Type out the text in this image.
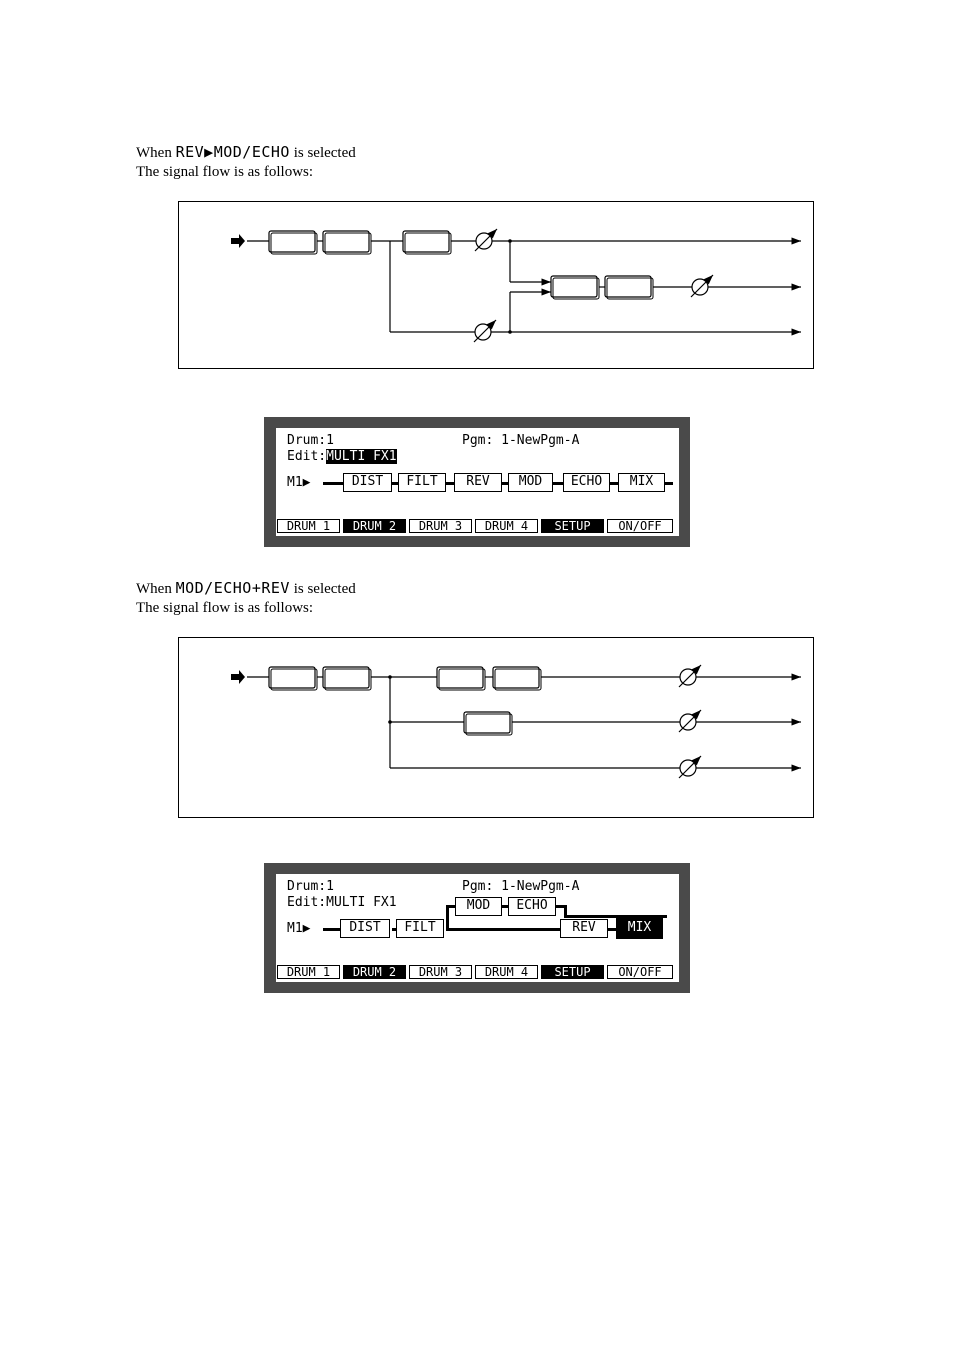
When REV▶MOD/ECHO is selected
The signal flow is as follows:
Drum:1	Pgm: 1-NewPgm-A
Edit:MULTI FX1
M1▶	DIST	FILT	REV	MOD	ECHO	MIX
DRUM 1	DRUM 2	DRUM 3	DRUM 4	SETUP	ON/OFF
When MOD/ECHO+REV is selected
The signal flow is as follows:
Drum:1	Pgm: 1-NewPgm-A
Edit:MULTI FX1
M1▶	DIST	FILT
MOD	ECHO
REV	MIX
DRUM 1	DRUM 2	DRUM 3	DRUM 4	SETUP	ON/OFF
